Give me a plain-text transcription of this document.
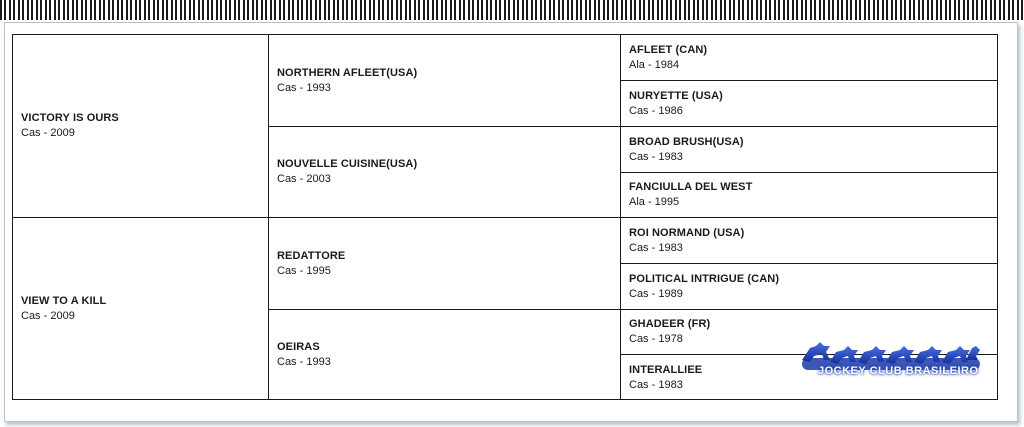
VICTORY IS OURS
Cas - 2009
VIEW TO A KILL
Cas - 2009
NORTHERN AFLEET(USA)
Cas - 1993
NOUVELLE CUISINE(USA)
Cas - 2003
REDATTORE
Cas - 1995
OEIRAS
Cas - 1993
AFLEET (CAN)
Ala - 1984
NURYETTE (USA)
Cas - 1986
BROAD BRUSH(USA)
Cas - 1983
FANCIULLA DEL WEST
Ala - 1995
ROI NORMAND (USA)
Cas - 1983
POLITICAL INTRIGUE (CAN)
Cas - 1989
GHADEER (FR)
Cas - 1978
INTERALLIEE
Cas - 1983
JOCKEY CLUB BRASILEIRO
